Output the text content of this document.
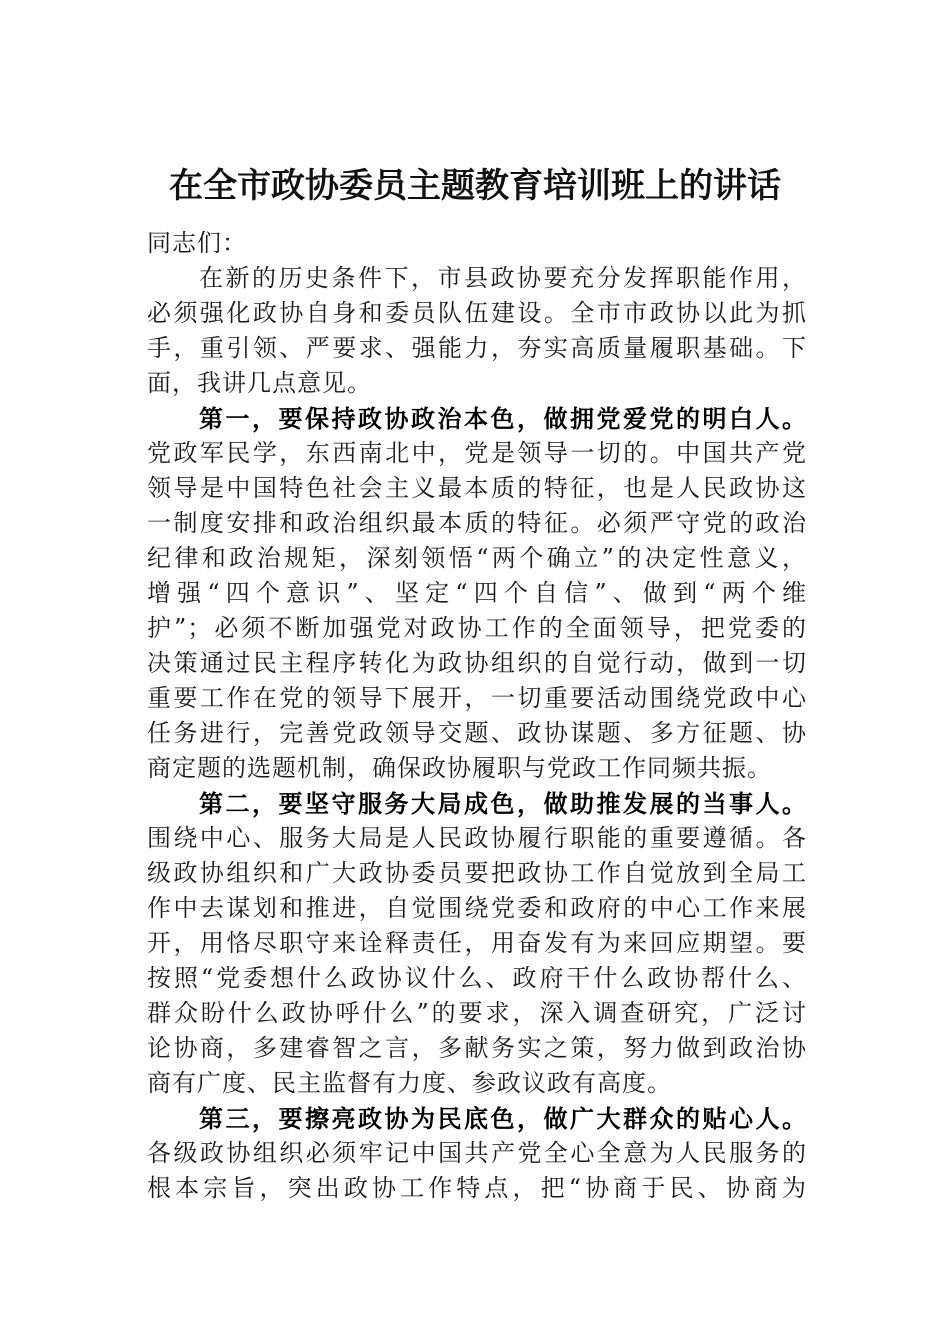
在全市政协委员主题教育培训班上的讲话
同志们：
在新的历史条件下，市县政协要充分发挥职能作用，
必须强化政协自身和委员队伍建设。全市市政协以此为抓
手，重引领、严要求、强能力，夯实高质量履职基础。下
面，我讲几点意见。
第一，要保持政协政治本色，做拥党爱党的明白人。
党政军民学，东西南北中，党是领导一切的。中国共产党
领导是中国特色社会主义最本质的特征，也是人民政协这
一制度安排和政治组织最本质的特征。必须严守党的政治
纪律和政治规矩，深刻领悟“两个确立”的决定性意义，
增强“四个意识”、坚定“四个自信”、做到“两个维
护”；必须不断加强党对政协工作的全面领导，把党委的
决策通过民主程序转化为政协组织的自觉行动，做到一切
重要工作在党的领导下展开，一切重要活动围绕党政中心
任务进行，完善党政领导交题、政协谋题、多方征题、协
商定题的选题机制，确保政协履职与党政工作同频共振。
第二，要坚守服务大局成色，做助推发展的当事人。
围绕中心、服务大局是人民政协履行职能的重要遵循。各
级政协组织和广大政协委员要把政协工作自觉放到全局工
作中去谋划和推进，自觉围绕党委和政府的中心工作来展
开，用恪尽职守来诠释责任，用奋发有为来回应期望。要
按照“党委想什么政协议什么、政府干什么政协帮什么、
群众盼什么政协呼什么”的要求，深入调查研究，广泛讨
论协商，多建睿智之言，多献务实之策，努力做到政治协
商有广度、民主监督有力度、参政议政有高度。
第三，要擦亮政协为民底色，做广大群众的贴心人。
各级政协组织必须牢记中国共产党全心全意为人民服务的
根本宗旨，突出政协工作特点，把“协商于民、协商为
